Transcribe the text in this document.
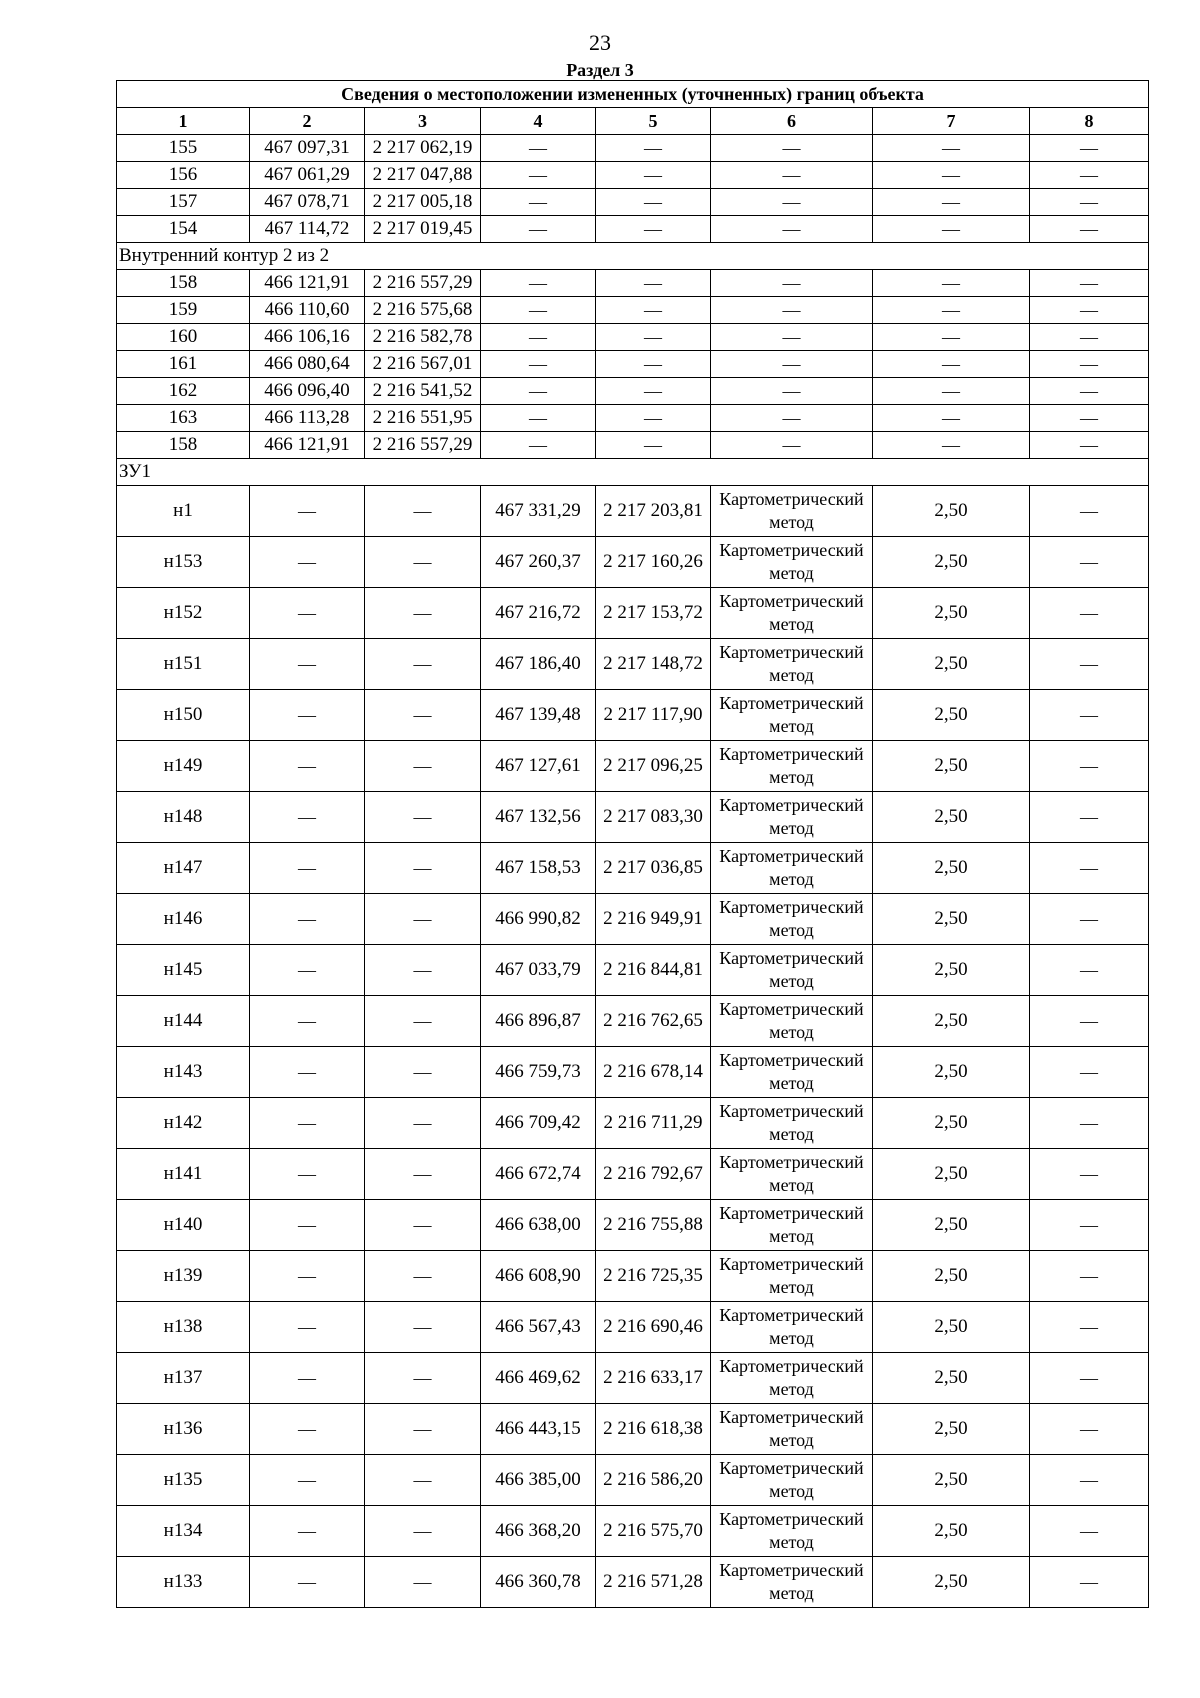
23
Раздел 3
Сведения о местоположении измененных (уточненных) границ объекта							
1	2	3	4	5	6	7	8
155	467 097,31	2 217 062,19	—	—	—	—	—
156	467 061,29	2 217 047,88	—	—	—	—	—
157	467 078,71	2 217 005,18	—	—	—	—	—
154	467 114,72	2 217 019,45	—	—	—	—	—
Внутренний контур 2 из 2							
158	466 121,91	2 216 557,29	—	—	—	—	—
159	466 110,60	2 216 575,68	—	—	—	—	—
160	466 106,16	2 216 582,78	—	—	—	—	—
161	466 080,64	2 216 567,01	—	—	—	—	—
162	466 096,40	2 216 541,52	—	—	—	—	—
163	466 113,28	2 216 551,95	—	—	—	—	—
158	466 121,91	2 216 557,29	—	—	—	—	—
ЗУ1							
н1	—	—	467 331,29	2 217 203,81	Картометрический метод	2,50	—
н153	—	—	467 260,37	2 217 160,26	Картометрический метод	2,50	—
н152	—	—	467 216,72	2 217 153,72	Картометрический метод	2,50	—
н151	—	—	467 186,40	2 217 148,72	Картометрический метод	2,50	—
н150	—	—	467 139,48	2 217 117,90	Картометрический метод	2,50	—
н149	—	—	467 127,61	2 217 096,25	Картометрический метод	2,50	—
н148	—	—	467 132,56	2 217 083,30	Картометрический метод	2,50	—
н147	—	—	467 158,53	2 217 036,85	Картометрический метод	2,50	—
н146	—	—	466 990,82	2 216 949,91	Картометрический метод	2,50	—
н145	—	—	467 033,79	2 216 844,81	Картометрический метод	2,50	—
н144	—	—	466 896,87	2 216 762,65	Картометрический метод	2,50	—
н143	—	—	466 759,73	2 216 678,14	Картометрический метод	2,50	—
н142	—	—	466 709,42	2 216 711,29	Картометрический метод	2,50	—
н141	—	—	466 672,74	2 216 792,67	Картометрический метод	2,50	—
н140	—	—	466 638,00	2 216 755,88	Картометрический метод	2,50	—
н139	—	—	466 608,90	2 216 725,35	Картометрический метод	2,50	—
н138	—	—	466 567,43	2 216 690,46	Картометрический метод	2,50	—
н137	—	—	466 469,62	2 216 633,17	Картометрический метод	2,50	—
н136	—	—	466 443,15	2 216 618,38	Картометрический метод	2,50	—
н135	—	—	466 385,00	2 216 586,20	Картометрический метод	2,50	—
н134	—	—	466 368,20	2 216 575,70	Картометрический метод	2,50	—
н133	—	—	466 360,78	2 216 571,28	Картометрический метод	2,50	—
